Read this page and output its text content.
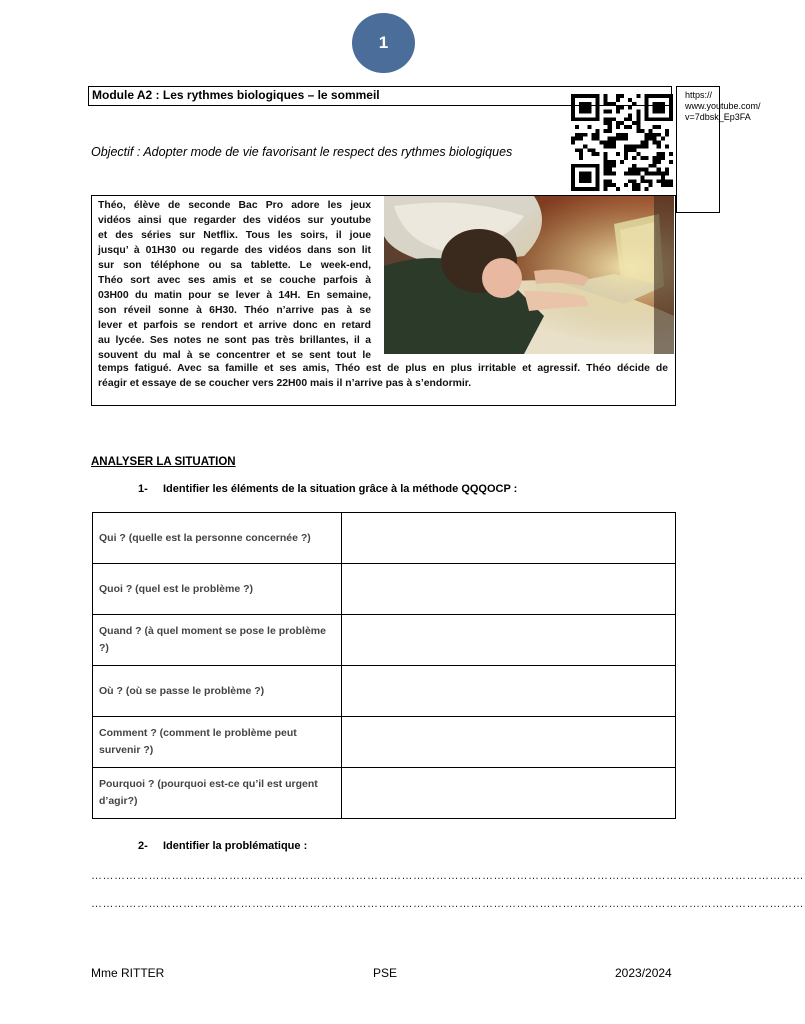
1
Module A2 : Les rythmes biologiques – le sommeil	https://
www.youtube.com/
v=7dbsk_Ep3FA
Objectif : Adopter mode de vie favorisant le respect des rythmes biologiques
Théo, élève de seconde Bac Pro adore les jeux
vidéos ainsi que regarder des vidéos sur youtube
et des séries sur Netflix. Tous les soirs, il joue
jusqu’ à 01H30 ou regarde des vidéos dans son lit
sur son téléphone ou sa tablette. Le week-end,
Théo sort avec ses amis et se couche parfois à
03H00 du matin pour se lever à 14H. En semaine,
son réveil sonne à 6H30. Théo n’arrive pas à se
lever et parfois se rendort et arrive donc en retard
au lycée. Ses notes ne sont pas très brillantes, il a
souvent du mal à se concentrer et se sent tout le
temps fatigué. Avec sa famille et ses amis, Théo est de plus en plus irritable et agressif. Théo décide de
réagir et essaye de se coucher vers 22H00 mais il n’arrive pas à s’endormir.
ANALYSER LA SITUATION
1- Identifier les éléments de la situation grâce à la méthode QQQOCP :
Qui ? (quelle est la personne concernée ?)	
Quoi ? (quel est le problème ?)	
Quand ? (à quel moment se pose le problème ?)	
Où ? (où se passe le problème ?)	
Comment ? (comment le problème peut survenir ?)	
Pourquoi ? (pourquoi est-ce qu’il est urgent d’agir?)	
2- Identifier la problématique :
……………………………………………………………………………………………………………………………………………………………………
……………………………………………………………………………………………………………………………………………………………………
Mme RITTER	PSE	2023/2024
